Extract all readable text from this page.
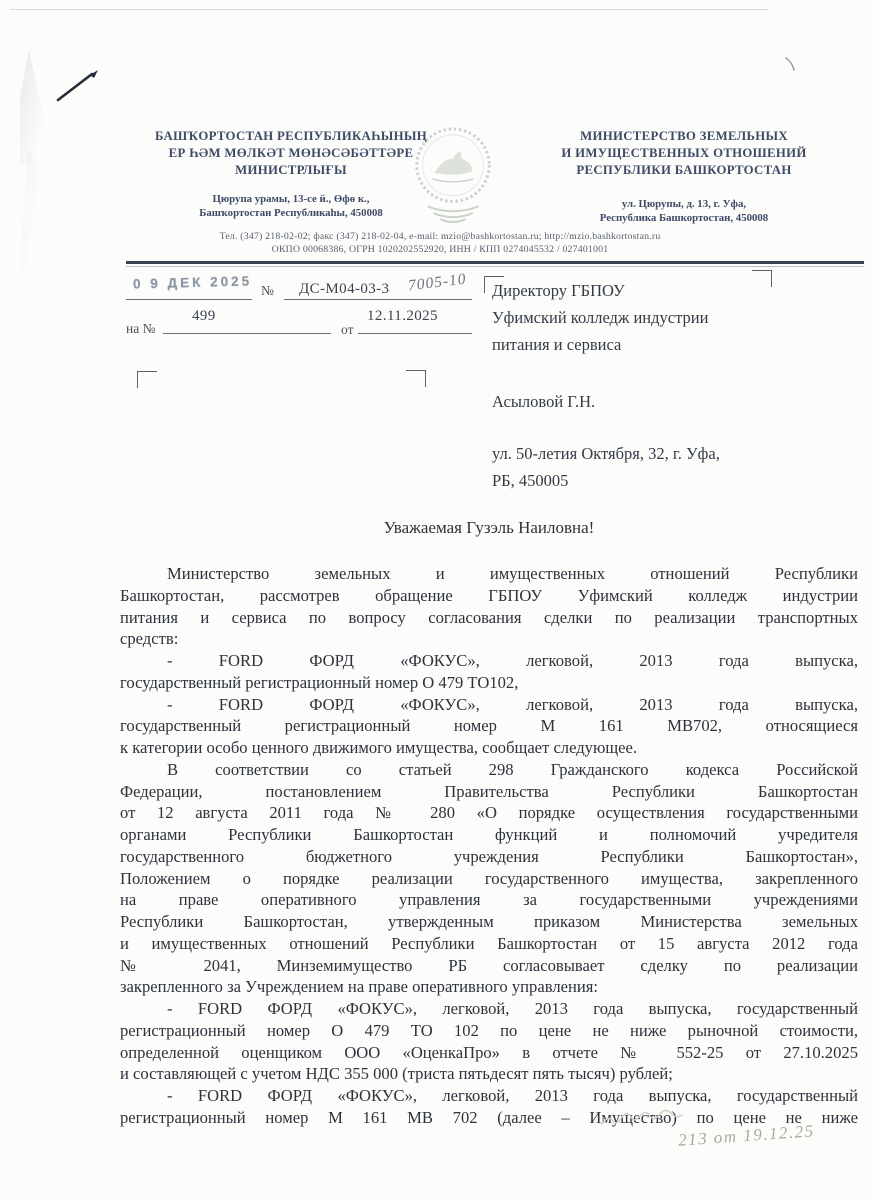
БАШҠОРТОСТАН РЕСПУБЛИКАҺЫНЫҢ
ЕР ҺӘМ МӨЛКӘТ МӨНӘСӘБӘТТӘРЕ
МИНИСТРЛЫҒЫ
Цюрупа урамы, 13-се й., Өфө к.,
Башҡортостан Республикаһы, 450008
МИНИСТЕРСТВО ЗЕМЕЛЬНЫХ
И ИМУЩЕСТВЕННЫХ ОТНОШЕНИЙ
РЕСПУБЛИКИ БАШКОРТОСТАН
ул. Цюрупы, д. 13, г. Уфа,
Республика Башкортостан, 450008
Тел. (347) 218-02-02; факс (347) 218-02-04, e-mail: mzio@bashkortostan.ru; http://mzio.bashkortostan.ru
ОКПО 00068386, ОГРН 1020202552920, ИНН / КПП 0274045532 / 027401001
0 9 ДЕК 2025 № ДС-М04-03-3 7005-10
на №
499
от
12.11.2025
Директору ГБПОУ
Уфимский колледж индустрии
питания и сервиса
Асыловой Г.Н.
ул. 50-летия Октября, 32, г. Уфа,
РБ, 450005
Уважаемая Гузэль Наиловна!
Министерство земельных и имущественных отношений Республики
Башкортостан, рассмотрев обращение ГБПОУ Уфимский колледж индустрии
питания и сервиса по вопросу согласования сделки по реализации транспортных
средств:
- FORD ФОРД «ФОКУС», легковой, 2013 года выпуска,
государственный регистрационный номер О 479 ТО102,
- FORD ФОРД «ФОКУС», легковой, 2013 года выпуска,
государственный регистрационный номер М 161 МВ702, относящиеся
к категории особо ценного движимого имущества, сообщает следующее.
В соответствии со статьей 298 Гражданского кодекса Российской
Федерации, постановлением Правительства Республики Башкортостан
от 12 августа 2011 года № 280 «О порядке осуществления государственными
органами Республики Башкортостан функций и полномочий учредителя
государственного бюджетного учреждения Республики Башкортостан»,
Положением о порядке реализации государственного имущества, закрепленного
на праве оперативного управления за государственными учреждениями
Республики Башкортостан, утвержденным приказом Министерства земельных
и имущественных отношений Республики Башкортостан от 15 августа 2012 года
№ 2041, Минземимущество РБ согласовывает сделку по реализации
закрепленного за Учреждением на праве оперативного управления:
- FORD ФОРД «ФОКУС», легковой, 2013 года выпуска, государственный
регистрационный номер О 479 ТО 102 по цене не ниже рыночной стоимости,
определенной оценщиком ООО «ОценкаПро» в отчете № 552-25 от 27.10.2025
и составляющей с учетом НДС 355 000 (триста пятьдесят пять тысяч) рублей;
- FORD ФОРД «ФОКУС», легковой, 2013 года выпуска, государственный
регистрационный номер М 161 МВ 702 (далее – Имущество) по цене не ниже
213 от 19.12.25
